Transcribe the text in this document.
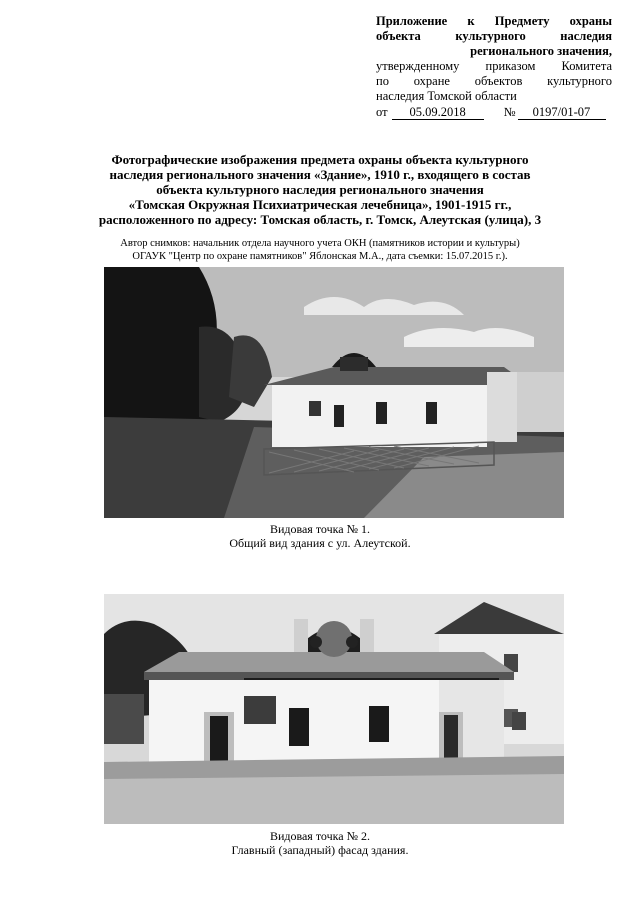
Приложение к Предмету охраны
объекта культурного наследия
регионального значения,
утвержденному приказом Комитета
по охране объектов культурного
наследия Томской области
от	05.09.2018	№	0197/01-07
Фотографические изображения предмета охраны объекта культурного
наследия регионального значения «Здание», 1910 г., входящего в состав
объекта культурного наследия регионального значения
«Томская Окружная Психиатрическая лечебница», 1901-1915 гг.,
расположенного по адресу: Томская область, г. Томск, Алеутская (улица), 3
Автор снимков: начальник отдела научного учета ОКН (памятников истории и культуры)
ОГАУК "Центр по охране памятников" Яблонская М.А., дата съемки: 15.07.2015 г.).
Видовая точка № 1.
Общий вид здания с ул. Алеутской.
Видовая точка № 2.
Главный (западный) фасад здания.
